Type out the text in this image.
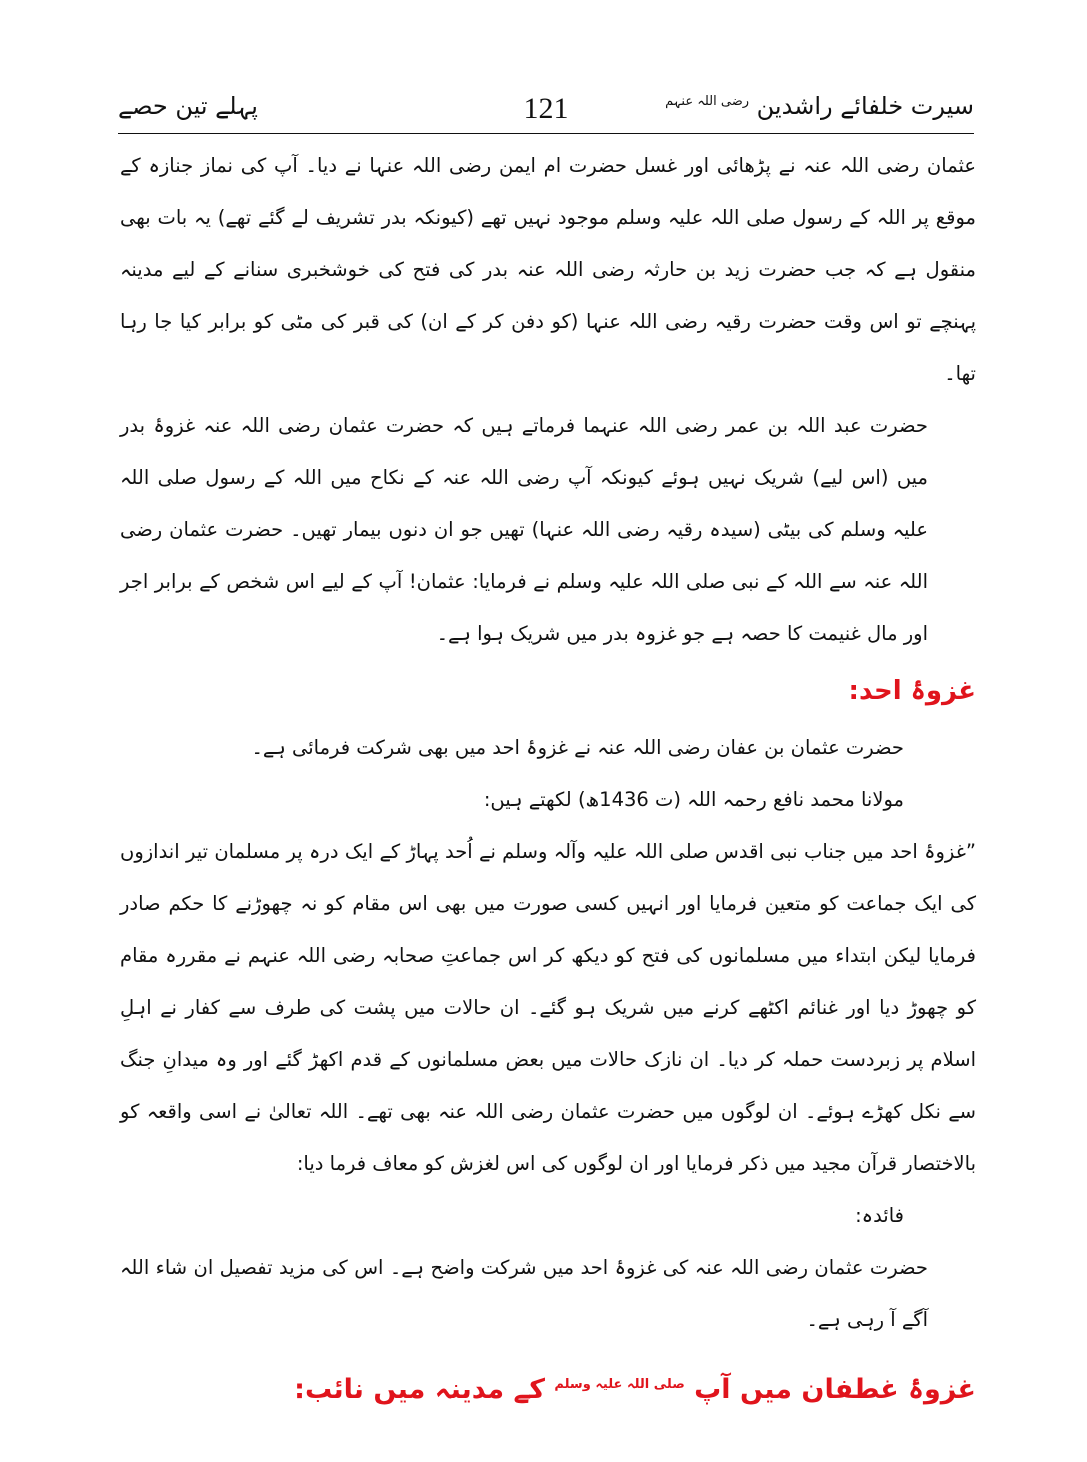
سیرت خلفائے راشدین $^{رضی اللہ عنہم}$
121
پہلے تین حصے

عثمان رضی اللہ عنہ نے پڑھائی اور غسل حضرت ام ایمن رضی اللہ عنہا نے دیا۔ آپ کی نماز جنازہ کے موقع پر اللہ کے رسول صلی اللہ علیہ وسلم موجود نہیں تھے (کیونکہ بدر تشریف لے گئے تھے) یہ بات بھی منقول ہے کہ جب حضرت زید بن حارثہ رضی اللہ عنہ بدر کی فتح کی خوشخبری سنانے کے لیے مدینہ پہنچے تو اس وقت حضرت رقیہ رضی اللہ عنہا (کو دفن کر کے ان) کی قبر کی مٹی کو برابر کیا جا رہا تھا۔

حضرت عبد اللہ بن عمر رضی اللہ عنہما فرماتے ہیں کہ حضرت عثمان رضی اللہ عنہ غزوۂ بدر میں (اس لیے) شریک نہیں ہوئے کیونکہ آپ رضی اللہ عنہ کے نکاح میں اللہ کے رسول صلی اللہ علیہ وسلم کی بیٹی (سیدہ رقیہ رضی اللہ عنہا) تھیں جو ان دنوں بیمار تھیں۔ حضرت عثمان رضی اللہ عنہ سے اللہ کے نبی صلی اللہ علیہ وسلم نے فرمایا: عثمان! آپ کے لیے اس شخص کے برابر اجر اور مال غنیمت کا حصہ ہے جو غزوہ بدر میں شریک ہوا ہے۔

غزوۂ احد:

حضرت عثمان بن عفان رضی اللہ عنہ نے غزوۂ احد میں بھی شرکت فرمائی ہے۔

مولانا محمد نافع رحمہ اللہ (ت 1436ھ) لکھتے ہیں:

”غزوۂ احد میں جناب نبی اقدس صلی اللہ علیہ وآلہ وسلم نے اُحد پہاڑ کے ایک درہ پر مسلمان تیر اندازوں کی ایک جماعت کو متعین فرمایا اور انہیں کسی صورت میں بھی اس مقام کو نہ چھوڑنے کا حکم صادر فرمایا لیکن ابتداء میں مسلمانوں کی فتح کو دیکھ کر اس جماعتِ صحابہ رضی اللہ عنہم نے مقررہ مقام کو چھوڑ دیا اور غنائم اکٹھے کرنے میں شریک ہو گئے۔ ان حالات میں پشت کی طرف سے کفار نے اہلِ اسلام پر زبردست حملہ کر دیا۔ ان نازک حالات میں بعض مسلمانوں کے قدم اکھڑ گئے اور وہ میدانِ جنگ سے نکل کھڑے ہوئے۔ ان لوگوں میں حضرت عثمان رضی اللہ عنہ بھی تھے۔ اللہ تعالیٰ نے اسی واقعہ کو بالاختصار قرآن مجید میں ذکر فرمایا اور ان لوگوں کی اس لغزش کو معاف فرما دیا:

فائدہ:

حضرت عثمان رضی اللہ عنہ کی غزوۂ احد میں شرکت واضح ہے۔ اس کی مزید تفصیل ان شاء اللہ آگے آ رہی ہے۔

غزوۂ غطفان میں آپ $^{صلی اللہ علیہ وسلم}$ کے مدینہ میں نائب:
